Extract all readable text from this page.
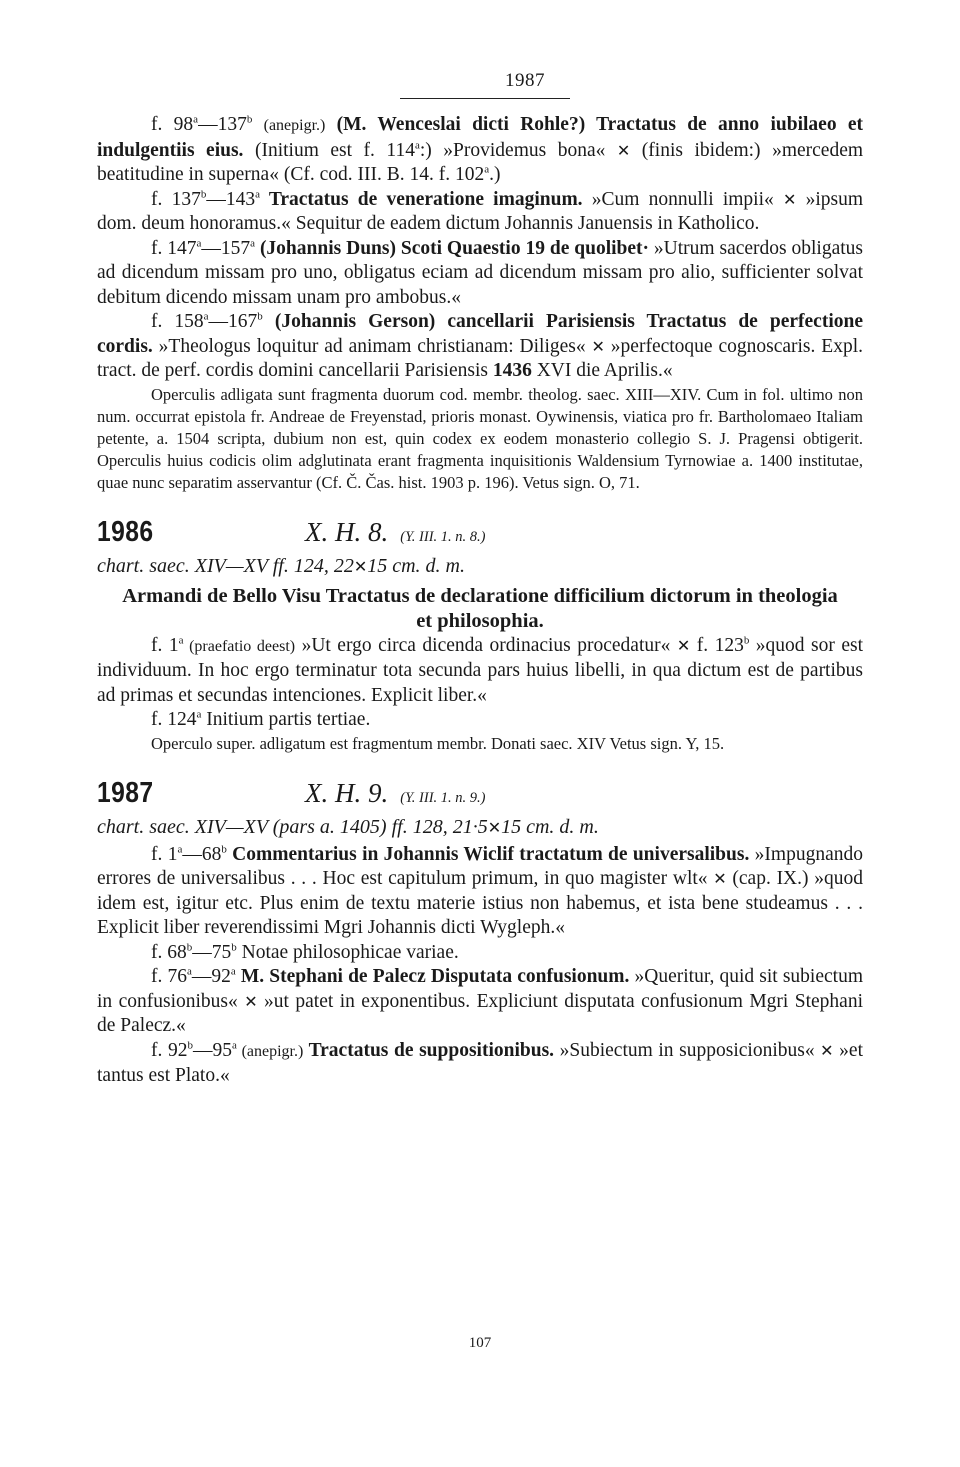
1987

f. 98$^a$—137$^b$ (anepigr.) (M. Wenceslai dicti Rohle?) Tractatus de anno iubilaeo et indulgentiis eius. (Initium est f. 114$^a$:) »Providemus bona« ✕ (finis ibidem:) »mercedem beatitudine in superna« (Cf. cod. III. B. 14. f. 102$^a$.)

f. 137$^b$—143$^a$ Tractatus de veneratione imaginum. »Cum nonnulli impii« ✕ »ipsum dom. deum honoramus.« Sequitur de eadem dictum Johannis Januensis in Katholico.

f. 147$^a$—157$^a$ (Johannis Duns) Scoti Quaestio 19 de quolibet· »Utrum sacerdos obligatus ad dicendum missam pro uno, obligatus eciam ad dicendum missam pro alio, sufficienter solvat debitum dicendo missam unam pro ambobus.«

f. 158$^a$—167$^b$ (Johannis Gerson) cancellarii Parisiensis Tractatus de perfectione cordis. »Theologus loquitur ad animam christianam: Diliges« ✕ »perfectoque cognoscaris. Expl. tract. de perf. cordis domini cancellarii Parisiensis 1436 XVI die Aprilis.«

Operculis adligata sunt fragmenta duorum cod. membr. theolog. saec. XIII—XIV. Cum in fol. ultimo non num. occurrat epistola fr. Andreae de Freyenstad, prioris monast. Oywinensis, viatica pro fr. Bartholomaeo Italiam petente, a. 1504 scripta, dubium non est, quin codex ex eodem monasterio collegio S. J. Pragensi obtigerit. Operculis huius codicis olim adglutinata erant fragmenta inquisitionis Waldensium Tyrnowiae a. 1400 institutae, quae nunc separatim asservantur (Cf. Č. Čas. hist. 1903 p. 196). Vetus sign. O, 71.

1986	X. H. 8. (Y. III. 1. n. 8.)

chart. saec. XIV—XV ff. 124, 22✕15 cm. d. m.

Armandi de Bello Visu Tractatus de declaratione difficilium dictorum in theologia et philosophia.

f. 1$^a$ (praefatio deest) »Ut ergo circa dicenda ordinacius procedatur« ✕ f. 123$^b$ »quod sor est individuum. In hoc ergo terminatur tota secunda pars huius libelli, in qua dictum est de partibus ad primas et secundas intenciones. Explicit liber.«

f. 124$^a$ Initium partis tertiae.

Operculo super. adligatum est fragmentum membr. Donati saec. XIV Vetus sign. Y, 15.

1987	X. H. 9. (Y. III. 1. n. 9.)

chart. saec. XIV—XV (pars a. 1405) ff. 128, 21·5✕15 cm. d. m.

f. 1$^a$—68$^b$ Commentarius in Johannis Wiclif tractatum de universalibus. »Impugnando errores de universalibus . . . Hoc est capitulum primum, in quo magister wlt« ✕ (cap. IX.) »quod idem est, igitur etc. Plus enim de textu materie istius non habemus, et ista bene studeamus . . . Explicit liber reverendissimi Mgri Johannis dicti Wygleph.«

f. 68$^b$—75$^b$ Notae philosophicae variae.

f. 76$^a$—92$^a$ M. Stephani de Palecz Disputata confusionum. »Queritur, quid sit subiectum in confusionibus« ✕ »ut patet in exponentibus. Expliciunt disputata confusionum Mgri Stephani de Palecz.«

f. 92$^b$—95$^a$ (anepigr.) Tractatus de suppositionibus. »Subiectum in supposicionibus« ✕ »et tantus est Plato.«

107
